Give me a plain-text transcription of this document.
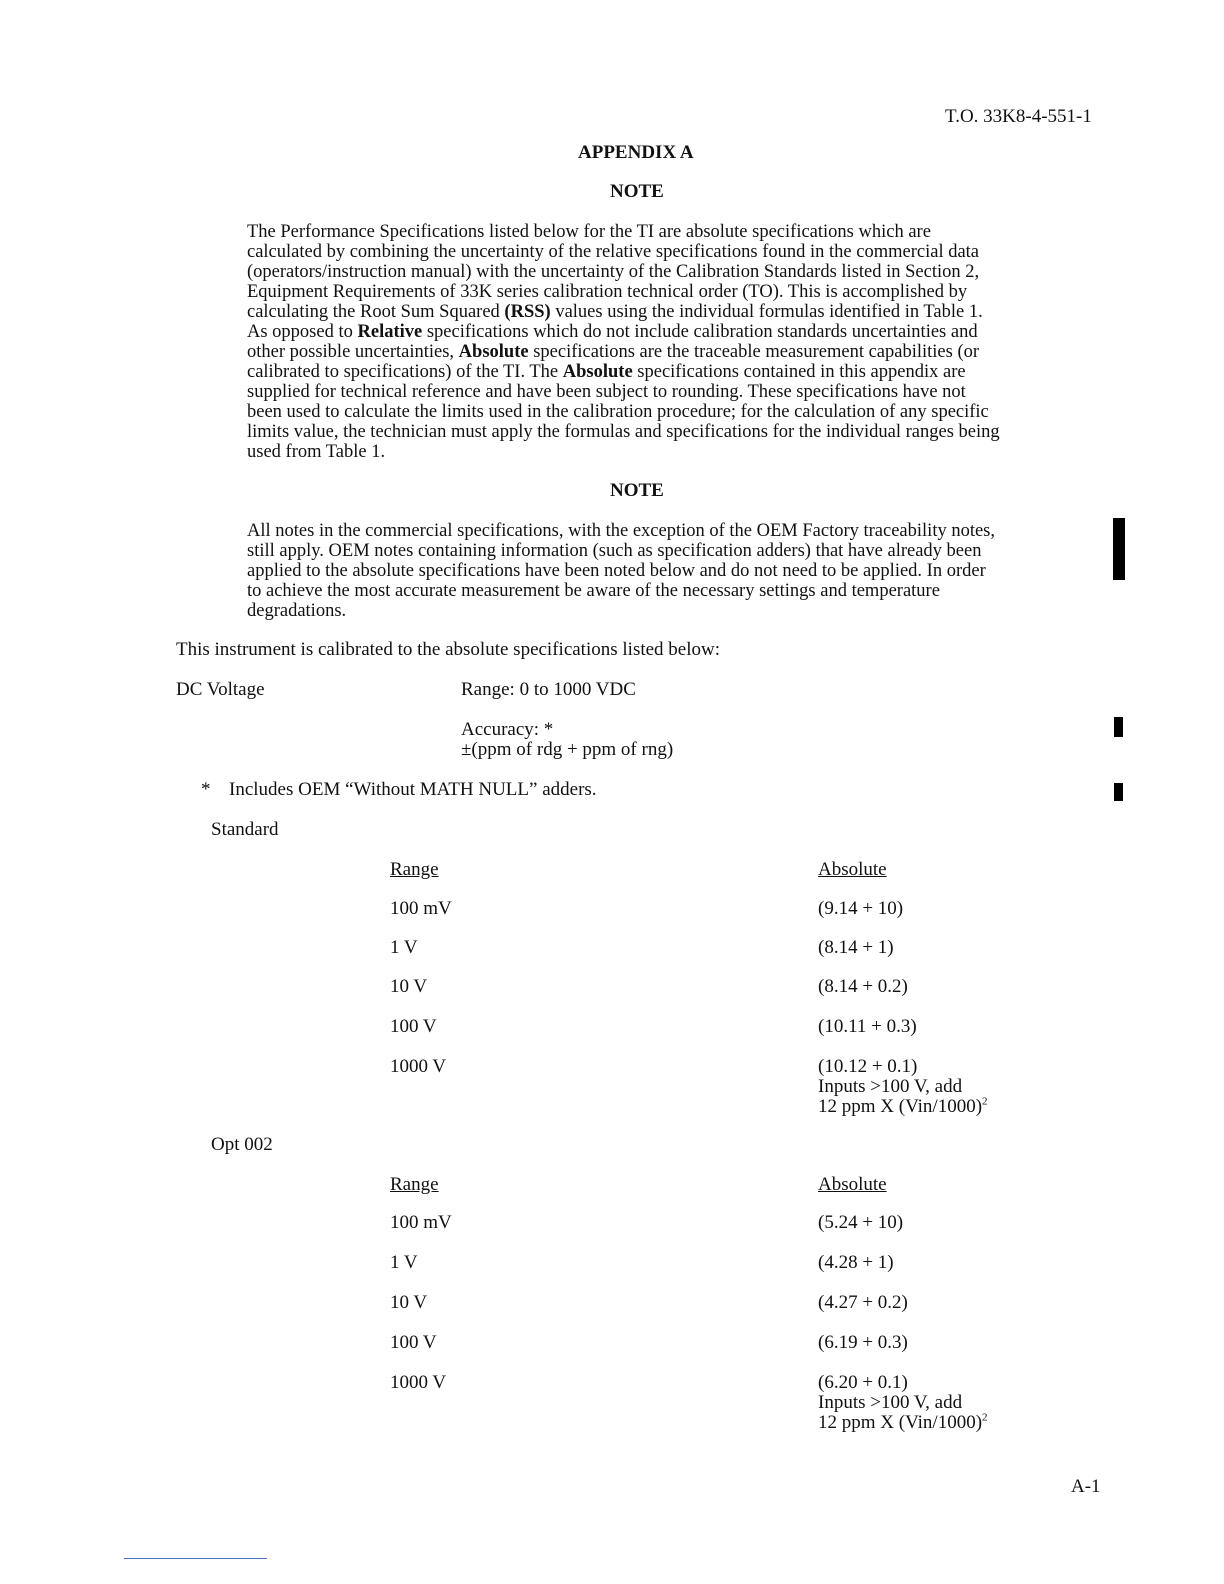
T.O. 33K8-4-551-1
APPENDIX A
NOTE
The Performance Specifications listed below for the TI are absolute specifications which are
calculated by combining the uncertainty of the relative specifications found in the commercial data
(operators/instruction manual) with the uncertainty of the Calibration Standards listed in Section 2,
Equipment Requirements of 33K series calibration technical order (TO). This is accomplished by
calculating the Root Sum Squared (RSS) values using the individual formulas identified in Table 1.
As opposed to Relative specifications which do not include calibration standards uncertainties and
other possible uncertainties, Absolute specifications are the traceable measurement capabilities (or
calibrated to specifications) of the TI. The Absolute specifications contained in this appendix are
supplied for technical reference and have been subject to rounding. These specifications have not
been used to calculate the limits used in the calibration procedure; for the calculation of any specific
limits value, the technician must apply the formulas and specifications for the individual ranges being
used from Table 1.
NOTE
All notes in the commercial specifications, with the exception of the OEM Factory traceability notes,
still apply. OEM notes containing information (such as specification adders) that have already been
applied to the absolute specifications have been noted below and do not need to be applied. In order
to achieve the most accurate measurement be aware of the necessary settings and temperature
degradations.
This instrument is calibrated to the absolute specifications listed below:
DC Voltage	Range: 0 to 1000 VDC
Accuracy: *
±(ppm of rdg + ppm of rng)
* Includes OEM “Without MATH NULL” adders.
Standard
Range	Absolute
100 mV	(9.14 + 10)
1 V	(8.14 + 1)
10 V	(8.14 + 0.2)
100 V	(10.11 + 0.3)
1000 V	(10.12 + 0.1)
Inputs >100 V, add
12 ppm X $(Vin/1000)^2$
Opt 002
Range	Absolute
100 mV	(5.24 + 10)
1 V	(4.28 + 1)
10 V	(4.27 + 0.2)
100 V	(6.19 + 0.3)
1000 V	(6.20 + 0.1)
Inputs >100 V, add
12 ppm X $(Vin/1000)^2$
A-1
